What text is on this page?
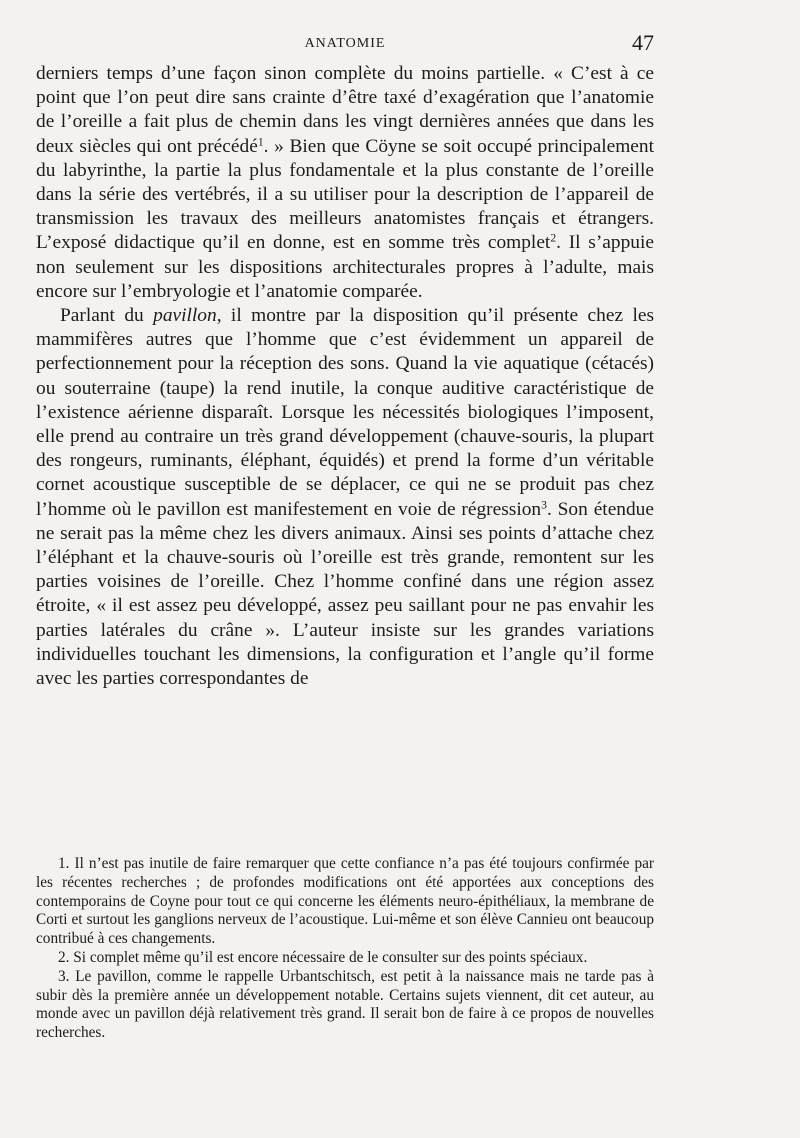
ANATOMIE	47

derniers temps d’une façon sinon complète du moins partielle. « C’est à ce point que l’on peut dire sans crainte d’être taxé d’exagération que l’anatomie de l’oreille a fait plus de chemin dans les vingt dernières années que dans les deux siècles qui ont précédé$^1$. » Bien que Cöyne se soit occupé principalement du labyrinthe, la partie la plus fondamentale et la plus constante de l’oreille dans la série des vertébrés, il a su utiliser pour la description de l’appareil de transmission les travaux des meilleurs anatomistes français et étrangers. L’exposé didactique qu’il en donne, est en somme très complet$^2$. Il s’appuie non seulement sur les dispositions architecturales propres à l’adulte, mais encore sur l’embryologie et l’anatomie comparée.

Parlant du pavillon, il montre par la disposition qu’il présente chez les mammifères autres que l’homme que c’est évidemment un appareil de perfectionnement pour la réception des sons. Quand la vie aquatique (cétacés) ou souterraine (taupe) la rend inutile, la conque auditive caractéristique de l’existence aérienne disparaît. Lorsque les nécessités biologiques l’imposent, elle prend au contraire un très grand développement (chauve-souris, la plupart des rongeurs, ruminants, éléphant, équidés) et prend la forme d’un véritable cornet acoustique susceptible de se déplacer, ce qui ne se produit pas chez l’homme où le pavillon est manifestement en voie de régression$^3$. Son étendue ne serait pas la même chez les divers animaux. Ainsi ses points d’attache chez l’éléphant et la chauve-souris où l’oreille est très grande, remontent sur les parties voisines de l’oreille. Chez l’homme confiné dans une région assez étroite, « il est assez peu développé, assez peu saillant pour ne pas envahir les parties latérales du crâne ». L’auteur insiste sur les grandes variations individuelles touchant les dimensions, la configuration et l’angle qu’il forme avec les parties correspondantes de

1. Il n’est pas inutile de faire remarquer que cette confiance n’a pas été toujours confirmée par les récentes recherches ; de profondes modifications ont été apportées aux conceptions des contemporains de Coyne pour tout ce qui concerne les éléments neuro-épithéliaux, la membrane de Corti et surtout les ganglions nerveux de l’acoustique. Lui-même et son élève Cannieu ont beaucoup contribué à ces changements.

2. Si complet même qu’il est encore nécessaire de le consulter sur des points spéciaux.

3. Le pavillon, comme le rappelle Urbantschitsch, est petit à la naissance mais ne tarde pas à subir dès la première année un développement notable. Certains sujets viennent, dit cet auteur, au monde avec un pavillon déjà relativement très grand. Il serait bon de faire à ce propos de nouvelles recherches.
